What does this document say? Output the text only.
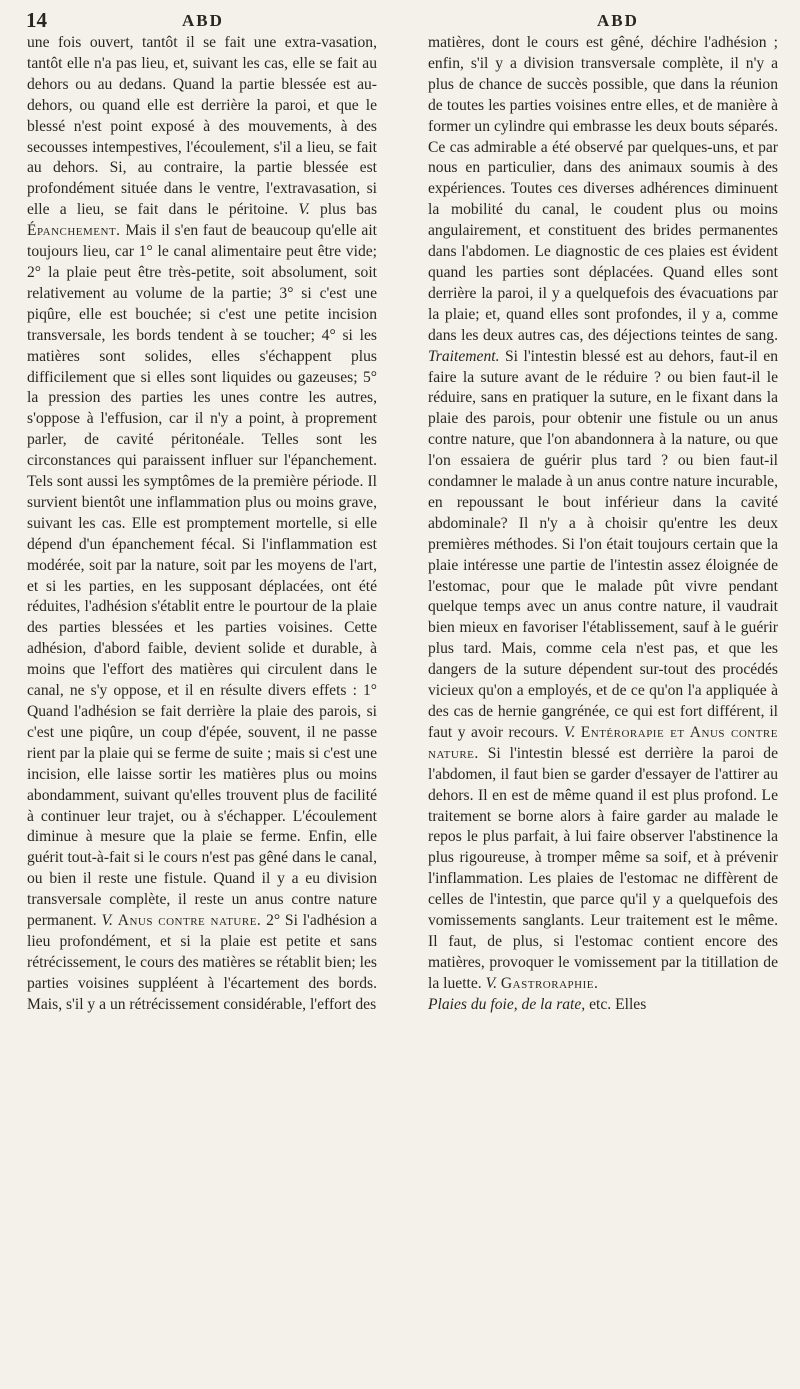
14	ABD	ABD

une fois ouvert, tantôt il se fait une extra-vasation, tantôt elle n'a pas lieu, et, suivant les cas, elle se fait au dehors ou au dedans. Quand la partie blessée est au-dehors, ou quand elle est derrière la paroi, et que le blessé n'est point exposé à des mouvements, à des secousses intempestives, l'écoulement, s'il a lieu, se fait au dehors. Si, au contraire, la partie blessée est profondément située dans le ventre, l'extravasation, si elle a lieu, se fait dans le péritoine. V. plus bas Épanchement. Mais il s'en faut de beaucoup qu'elle ait toujours lieu, car 1° le canal alimentaire peut être vide; 2° la plaie peut être très-petite, soit absolument, soit relativement au volume de la partie; 3° si c'est une piqûre, elle est bouchée; si c'est une petite incision transversale, les bords tendent à se toucher; 4° si les matières sont solides, elles s'échappent plus difficilement que si elles sont liquides ou gazeuses; 5° la pression des parties les unes contre les autres, s'oppose à l'effusion, car il n'y a point, à proprement parler, de cavité péritonéale. Telles sont les circonstances qui paraissent influer sur l'épanchement. Tels sont aussi les symptômes de la première période. Il survient bientôt une inflammation plus ou moins grave, suivant les cas. Elle est promptement mortelle, si elle dépend d'un épanchement fécal. Si l'inflammation est modérée, soit par la nature, soit par les moyens de l'art, et si les parties, en les supposant déplacées, ont été réduites, l'adhésion s'établit entre le pourtour de la plaie des parties blessées et les parties voisines. Cette adhésion, d'abord faible, devient solide et durable, à moins que l'effort des matières qui circulent dans le canal, ne s'y oppose, et il en résulte divers effets : 1° Quand l'adhésion se fait derrière la plaie des parois, si c'est une piqûre, un coup d'épée, souvent, il ne passe rient par la plaie qui se ferme de suite ; mais si c'est une incision, elle laisse sortir les matières plus ou moins abondamment, suivant qu'elles trouvent plus de facilité à continuer leur trajet, ou à s'échapper. L'écoulement diminue à mesure que la plaie se ferme. Enfin, elle guérit tout-à-fait si le cours n'est pas gêné dans le canal, ou bien il reste une fistule. Quand il y a eu division transversale complète, il reste un anus contre nature permanent. V. Anus contre nature. 2° Si l'adhésion a lieu profondément, et si la plaie est petite et sans rétrécissement, le cours des matières se rétablit bien; les parties voisines suppléent à l'écartement des bords. Mais, s'il y a un rétrécissement considérable, l'effort des

matières, dont le cours est gêné, déchire l'adhésion ; enfin, s'il y a division transversale complète, il n'y a plus de chance de succès possible, que dans la réunion de toutes les parties voisines entre elles, et de manière à former un cylindre qui embrasse les deux bouts séparés. Ce cas admirable a été observé par quelques-uns, et par nous en particulier, dans des animaux soumis à des expériences. Toutes ces diverses adhérences diminuent la mobilité du canal, le coudent plus ou moins angulairement, et constituent des brides permanentes dans l'abdomen. Le diagnostic de ces plaies est évident quand les parties sont déplacées. Quand elles sont derrière la paroi, il y a quelquefois des évacuations par la plaie; et, quand elles sont profondes, il y a, comme dans les deux autres cas, des déjections teintes de sang. Traitement. Si l'intestin blessé est au dehors, faut-il en faire la suture avant de le réduire ? ou bien faut-il le réduire, sans en pratiquer la suture, en le fixant dans la plaie des parois, pour obtenir une fistule ou un anus contre nature, que l'on abandonnera à la nature, ou que l'on essaiera de guérir plus tard ? ou bien faut-il condamner le malade à un anus contre nature incurable, en repoussant le bout inférieur dans la cavité abdominale? Il n'y a à choisir qu'entre les deux premières méthodes. Si l'on était toujours certain que la plaie intéresse une partie de l'intestin assez éloignée de l'estomac, pour que le malade pût vivre pendant quelque temps avec un anus contre nature, il vaudrait bien mieux en favoriser l'établissement, sauf à le guérir plus tard. Mais, comme cela n'est pas, et que les dangers de la suture dépendent sur-tout des procédés vicieux qu'on a employés, et de ce qu'on l'a appliquée à des cas de hernie gangrénée, ce qui est fort différent, il faut y avoir recours. V. Entérorapie et Anus contre nature. Si l'intestin blessé est derrière la paroi de l'abdomen, il faut bien se garder d'essayer de l'attirer au dehors. Il en est de même quand il est plus profond. Le traitement se borne alors à faire garder au malade le repos le plus parfait, à lui faire observer l'abstinence la plus rigoureuse, à tromper même sa soif, et à prévenir l'inflammation. Les plaies de l'estomac ne diffèrent de celles de l'intestin, que parce qu'il y a quelquefois des vomissements sanglants. Leur traitement est le même. Il faut, de plus, si l'estomac contient encore des matières, provoquer le vomissement par la titillation de la luette. V. Gastroraphie.
Plaies du foie, de la rate, etc. Elles
